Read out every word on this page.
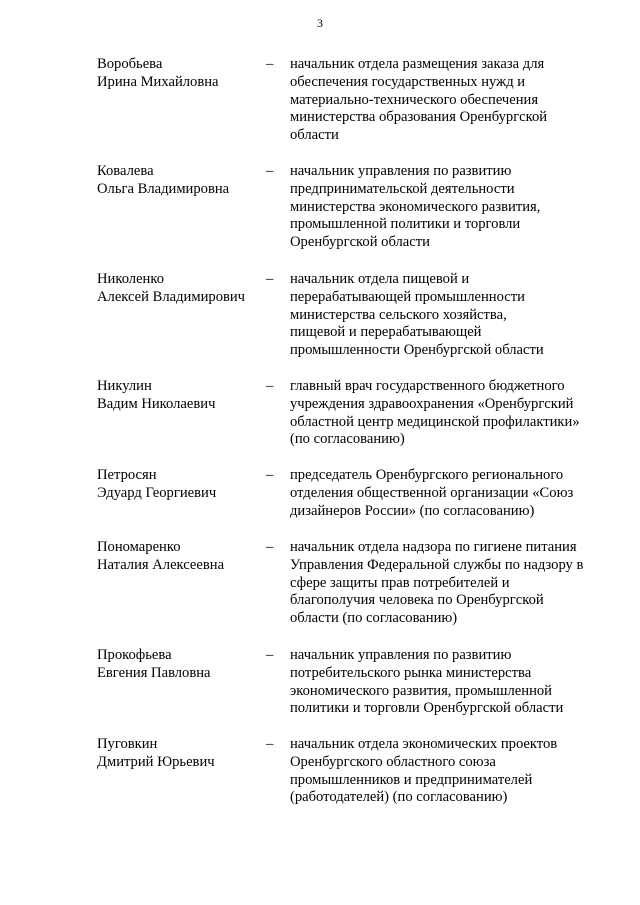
3
Воробьева
Ирина Михайловна
– начальник отдела размещения заказа для
обеспечения государственных нужд и
материально-технического обеспечения
министерства образования Оренбургской
области
Ковалева
Ольга Владимировна
– начальник управления по развитию
предпринимательской деятельности
министерства экономического развития,
промышленной политики и торговли
Оренбургской области
Николенко
Алексей Владимирович
– начальник отдела пищевой и
перерабатывающей промышленности
министерства сельского хозяйства,
пищевой и перерабатывающей
промышленности Оренбургской области
Никулин
Вадим Николаевич
– главный врач государственного бюджетного
учреждения здравоохранения «Оренбургский
областной центр медицинской профилактики»
(по согласованию)
Петросян
Эдуард Георгиевич
– председатель Оренбургского регионального
отделения общественной организации «Союз
дизайнеров России» (по согласованию)
Пономаренко
Наталия Алексеевна
– начальник отдела надзора по гигиене питания
Управления Федеральной службы по надзору в
сфере защиты прав потребителей и
благополучия человека по Оренбургской
области (по согласованию)
Прокофьева
Евгения Павловна
– начальник управления по развитию
потребительского рынка министерства
экономического развития, промышленной
политики и торговли Оренбургской области
Пуговкин
Дмитрий Юрьевич
– начальник отдела экономических проектов
Оренбургского областного союза
промышленников и предпринимателей
(работодателей) (по согласованию)
